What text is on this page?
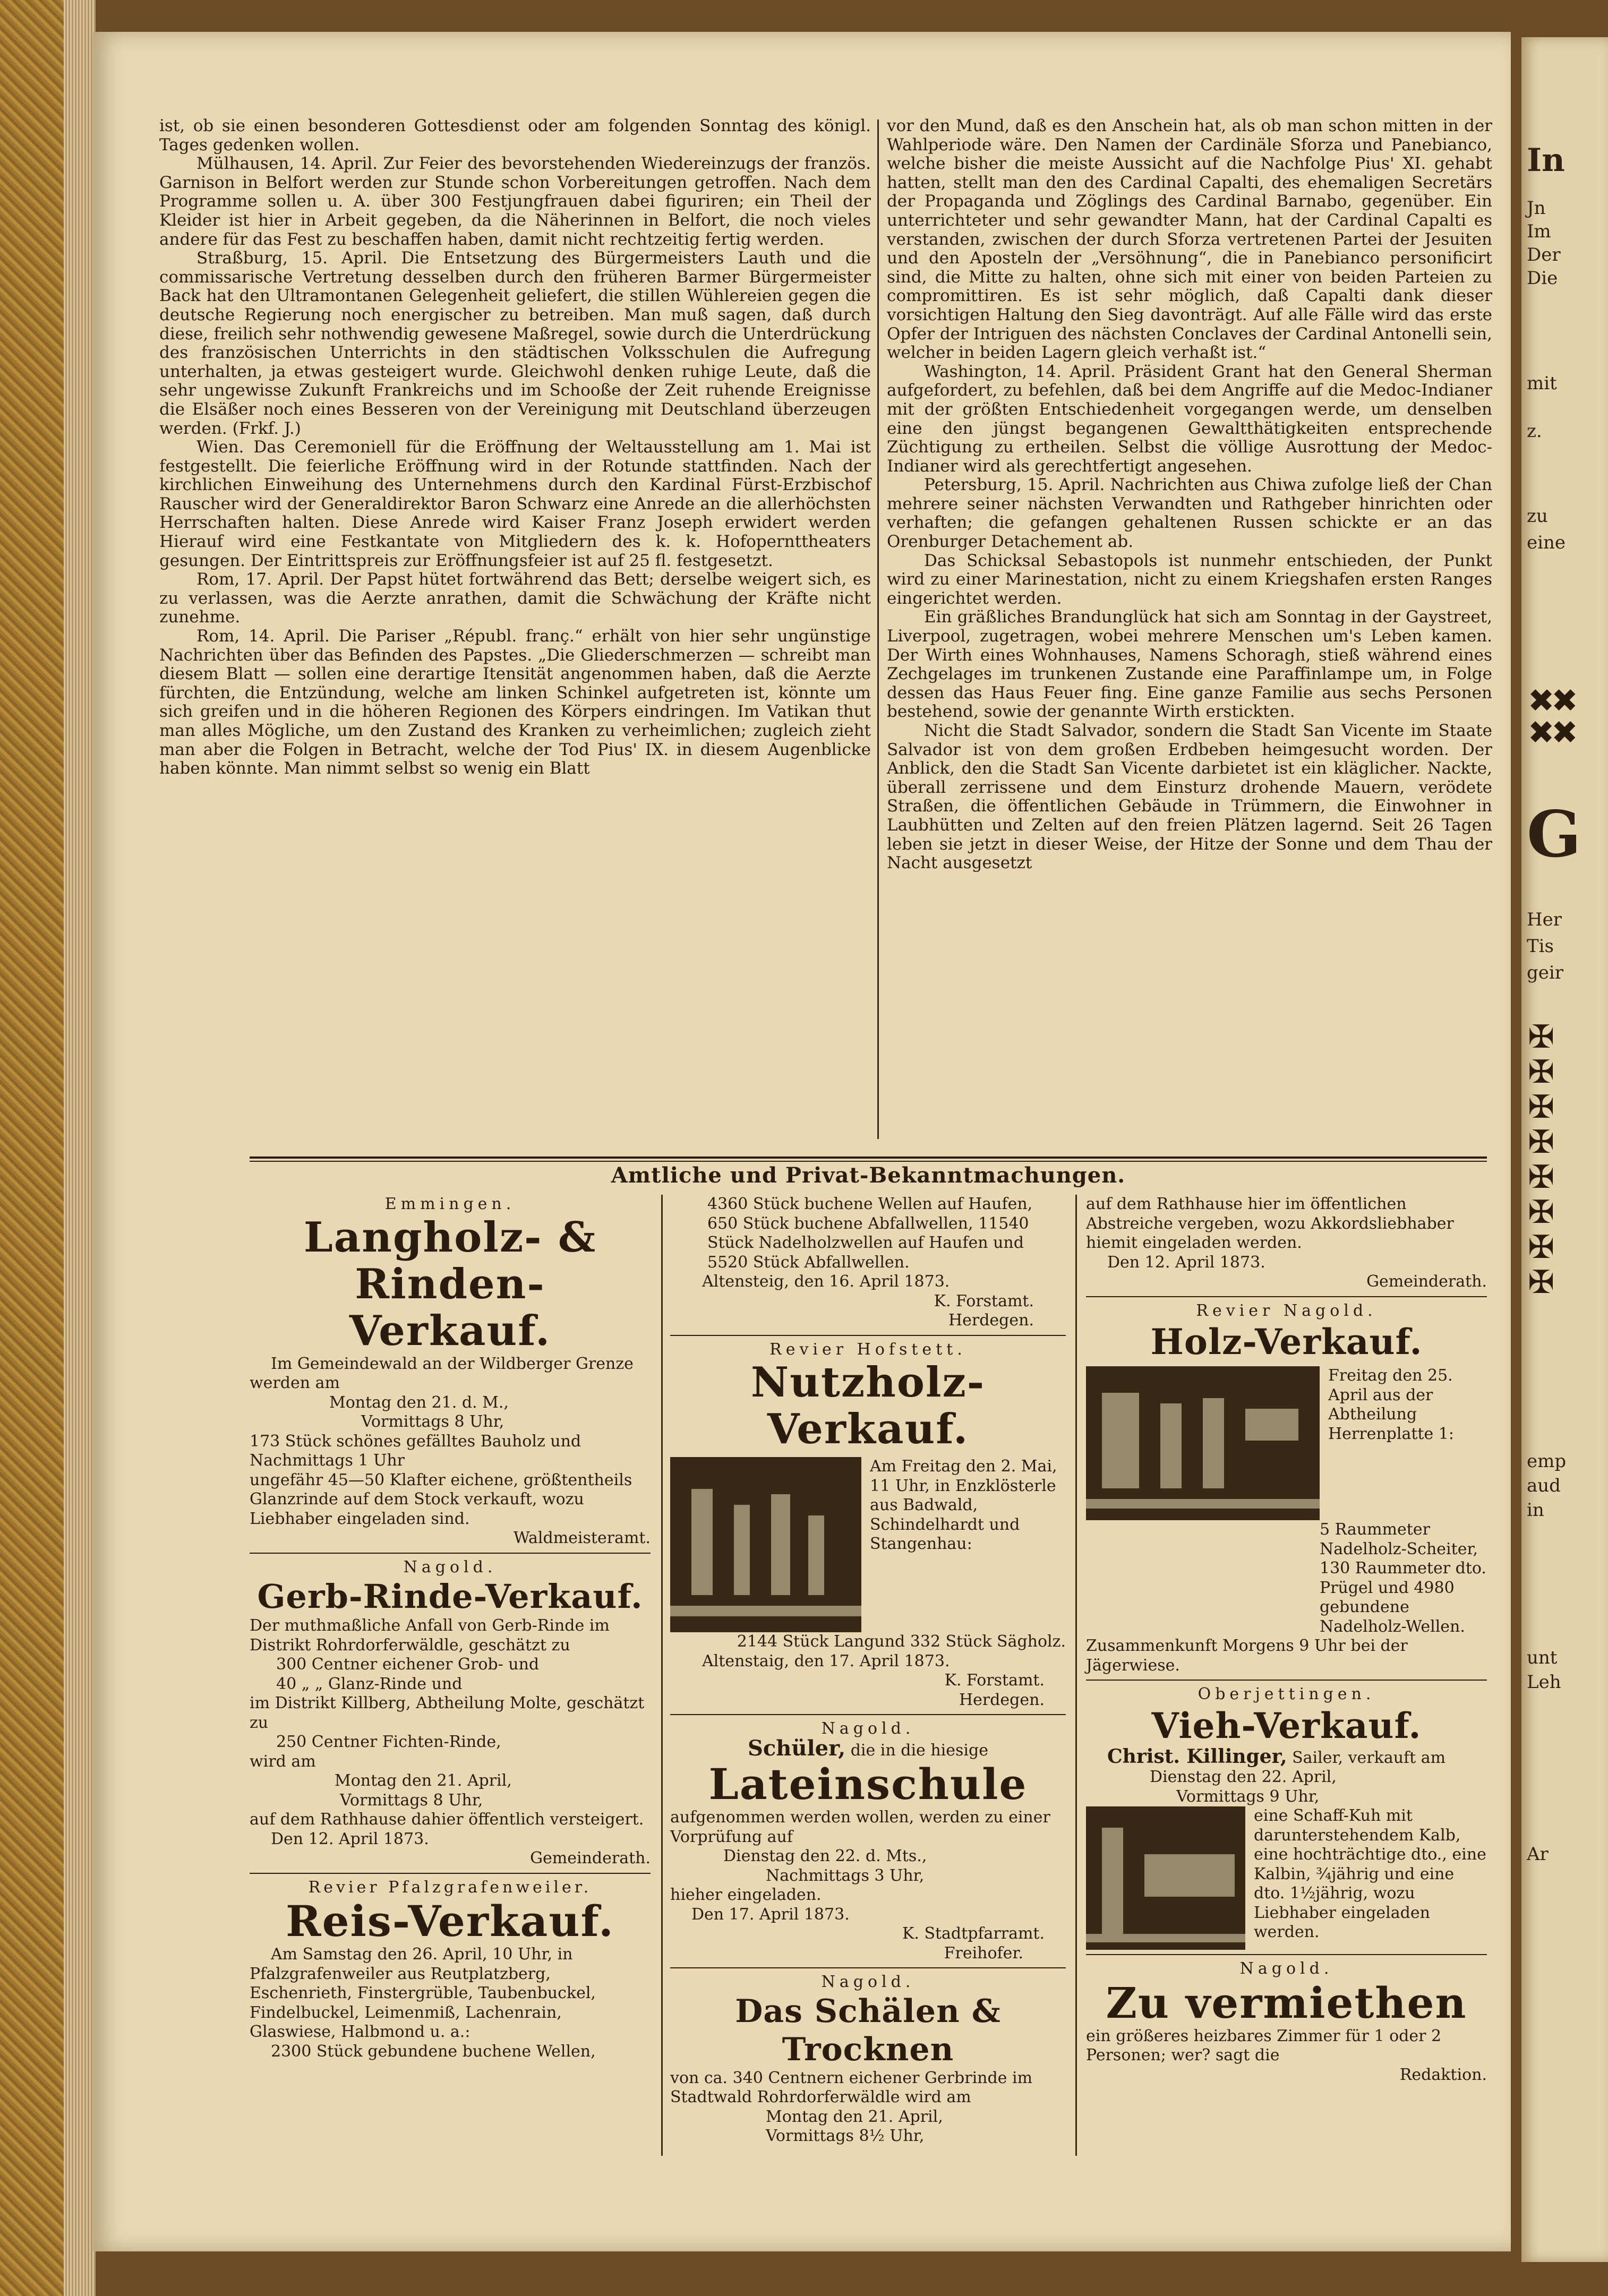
In
Jn
Im
Der
Die
mit
z.
zu
eine
✖✖
✖✖
G
Her
Tis
geir
✠
✠
✠
✠
✠
✠
✠
✠
emp
aud
in
unt
Leh
Ar

ist, ob sie einen besonderen Gottesdienst oder am folgenden Sonntag des königl. Tages gedenken wollen.

Mülhausen, 14. April. Zur Feier des bevorstehenden Wiedereinzugs der französ. Garnison in Belfort werden zur Stunde schon Vorbereitungen getroffen. Nach dem Programme sollen u. A. über 300 Festjungfrauen dabei figuriren; ein Theil der Kleider ist hier in Arbeit gegeben, da die Näherinnen in Belfort, die noch vieles andere für das Fest zu beschaffen haben, damit nicht rechtzeitig fertig werden.

Straßburg, 15. April. Die Entsetzung des Bürgermeisters Lauth und die commissarische Vertretung desselben durch den früheren Barmer Bürgermeister Back hat den Ultramontanen Gelegenheit geliefert, die stillen Wühlereien gegen die deutsche Regierung noch energischer zu betreiben. Man muß sagen, daß durch diese, freilich sehr nothwendig gewesene Maßregel, sowie durch die Unterdrückung des französischen Unterrichts in den städtischen Volksschulen die Aufregung unterhalten, ja etwas gesteigert wurde. Gleichwohl denken ruhige Leute, daß die sehr ungewisse Zukunft Frankreichs und im Schooße der Zeit ruhende Ereignisse die Elsäßer noch eines Besseren von der Vereinigung mit Deutschland überzeugen werden. (Frkf. J.)

Wien. Das Ceremoniell für die Eröffnung der Weltausstellung am 1. Mai ist festgestellt. Die feierliche Eröffnung wird in der Rotunde stattfinden. Nach der kirchlichen Einweihung des Unternehmens durch den Kardinal Fürst-Erzbischof Rauscher wird der Generaldirektor Baron Schwarz eine Anrede an die allerhöchsten Herrschaften halten. Diese Anrede wird Kaiser Franz Joseph erwidert werden Hierauf wird eine Festkantate von Mitgliedern des k. k. Hofopernttheaters gesungen. Der Eintrittspreis zur Eröffnungsfeier ist auf 25 fl. festgesetzt.

Rom, 17. April. Der Papst hütet fortwährend das Bett; derselbe weigert sich, es zu verlassen, was die Aerzte anrathen, damit die Schwächung der Kräfte nicht zunehme.

Rom, 14. April. Die Pariser „Républ. franç.“ erhält von hier sehr ungünstige Nachrichten über das Befinden des Papstes. „Die Gliederschmerzen — schreibt man diesem Blatt — sollen eine derartige Itensität angenommen haben, daß die Aerzte fürchten, die Entzündung, welche am linken Schinkel aufgetreten ist, könnte um sich greifen und in die höheren Regionen des Körpers eindringen. Im Vatikan thut man alles Mögliche, um den Zustand des Kranken zu verheimlichen; zugleich zieht man aber die Folgen in Betracht, welche der Tod Pius' IX. in diesem Augenblicke haben könnte. Man nimmt selbst so wenig ein Blatt

vor den Mund, daß es den Anschein hat, als ob man schon mitten in der Wahlperiode wäre. Den Namen der Cardinäle Sforza und Panebianco, welche bisher die meiste Aussicht auf die Nachfolge Pius' XI. gehabt hatten, stellt man den des Cardinal Capalti, des ehemaligen Secretärs der Propaganda und Zöglings des Cardinal Barnabo, gegenüber. Ein unterrichteter und sehr gewandter Mann, hat der Cardinal Capalti es verstanden, zwischen der durch Sforza vertretenen Partei der Jesuiten und den Aposteln der „Versöhnung“, die in Panebianco personificirt sind, die Mitte zu halten, ohne sich mit einer von beiden Parteien zu compromittiren. Es ist sehr möglich, daß Capalti dank dieser vorsichtigen Haltung den Sieg davonträgt. Auf alle Fälle wird das erste Opfer der Intriguen des nächsten Conclaves der Cardinal Antonelli sein, welcher in beiden Lagern gleich verhaßt ist.“

Washington, 14. April. Präsident Grant hat den General Sherman aufgefordert, zu befehlen, daß bei dem Angriffe auf die Medoc-Indianer mit der größten Entschiedenheit vorgegangen werde, um denselben eine den jüngst begangenen Gewaltthätigkeiten entsprechende Züchtigung zu ertheilen. Selbst die völlige Ausrottung der Medoc-Indianer wird als gerechtfertigt angesehen.

Petersburg, 15. April. Nachrichten aus Chiwa zufolge ließ der Chan mehrere seiner nächsten Verwandten und Rathgeber hinrichten oder verhaften; die gefangen gehaltenen Russen schickte er an das Orenburger Detachement ab.

Das Schicksal Sebastopols ist nunmehr entschieden, der Punkt wird zu einer Marinestation, nicht zu einem Kriegshafen ersten Ranges eingerichtet werden.

Ein gräßliches Brandunglück hat sich am Sonntag in der Gaystreet, Liverpool, zugetragen, wobei mehrere Menschen um's Leben kamen. Der Wirth eines Wohnhauses, Namens Schoragh, stieß während eines Zechgelages im trunkenen Zustande eine Paraffinlampe um, in Folge dessen das Haus Feuer fing. Eine ganze Familie aus sechs Personen bestehend, sowie der genannte Wirth erstickten.

Nicht die Stadt Salvador, sondern die Stadt San Vicente im Staate Salvador ist von dem großen Erdbeben heimgesucht worden. Der Anblick, den die Stadt San Vicente darbietet ist ein kläglicher. Nackte, überall zerrissene und dem Einsturz drohende Mauern, verödete Straßen, die öffentlichen Gebäude in Trümmern, die Einwohner in Laubhütten und Zelten auf den freien Plätzen lagernd. Seit 26 Tagen leben sie jetzt in dieser Weise, der Hitze der Sonne und dem Thau der Nacht ausgesetzt

Amtliche und Privat-Bekanntmachungen.

Emmingen.

Langholz- & Rinden-

Verkauf.

Im Gemeindewald an der Wildberger Grenze werden am

Montag den 21. d. M.,

Vormittags 8 Uhr,

173 Stück schönes gefälltes Bauholz und Nachmittags 1 Uhr

ungefähr 45—50 Klafter eichene, größtentheils Glanzrinde auf dem Stock verkauft, wozu Liebhaber eingeladen sind.

Waldmeisteramt.

Nagold.

Gerb-Rinde-Verkauf.

Der muthmaßliche Anfall von Gerb-Rinde im Distrikt Rohrdorferwäldle, geschätzt zu

300 Centner eichener Grob- und

40 „ „ Glanz-Rinde und

im Distrikt Killberg, Abtheilung Molte, geschätzt zu

250 Centner Fichten-Rinde,

wird am

Montag den 21. April,

Vormittags 8 Uhr,

auf dem Rathhause dahier öffentlich versteigert.

Den 12. April 1873.

Gemeinderath.

Revier Pfalzgrafenweiler.

Reis-Verkauf.

Am Samstag den 26. April, 10 Uhr, in Pfalzgrafenweiler aus Reutplatzberg, Eschenrieth, Finstergrüble, Taubenbuckel, Findelbuckel, Leimenmiß, Lachenrain, Glaswiese, Halbmond u. a.:

2300 Stück gebundene buchene Wellen,

4360 Stück buchene Wellen auf Haufen, 650 Stück buchene Abfallwellen, 11540 Stück Nadelholzwellen auf Haufen und 5520 Stück Abfallwellen.

Altensteig, den 16. April 1873.

K. Forstamt.

Herdegen.

Revier Hofstett.

Nutzholz-Verkauf.

Am Freitag den 2. Mai, 11 Uhr, in Enzklösterle aus Badwald, Schindelhardt und Stangenhau:

2144 Stück Langund 332 Stück Sägholz.

Altenstaig, den 17. April 1873.

K. Forstamt.

Herdegen.

Nagold.

Schüler, die in die hiesige

Lateinschule

aufgenommen werden wollen, werden zu einer Vorprüfung auf

Dienstag den 22. d. Mts.,

Nachmittags 3 Uhr,

hieher eingeladen.

Den 17. April 1873.

K. Stadtpfarramt.

Freihofer.

Nagold.

Das Schälen & Trocknen

von ca. 340 Centnern eichener Gerbrinde im Stadtwald Rohrdorferwäldle wird am

Montag den 21. April,

Vormittags 8½ Uhr,

auf dem Rathhause hier im öffentlichen Abstreiche vergeben, wozu Akkordsliebhaber hiemit eingeladen werden.

Den 12. April 1873.

Gemeinderath.

Revier Nagold.

Holz-Verkauf.

Freitag den 25. April aus der Abtheilung Herrenplatte 1:

5 Raummeter Nadelholz-Scheiter, 130 Raummeter dto. Prügel und 4980 gebundene Nadelholz-Wellen.

Zusammenkunft Morgens 9 Uhr bei der Jägerwiese.

Oberjettingen.

Vieh-Verkauf.

Christ. Killinger, Sailer, verkauft am

Dienstag den 22. April,

Vormittags 9 Uhr,

eine Schaff-Kuh mit darunterstehendem Kalb, eine hochträchtige dto., eine Kalbin, ¾jährig und eine dto. 1½jährig, wozu Liebhaber eingeladen werden.

Nagold.

Zu vermiethen

ein größeres heizbares Zimmer für 1 oder 2 Personen; wer? sagt die

Redaktion.
